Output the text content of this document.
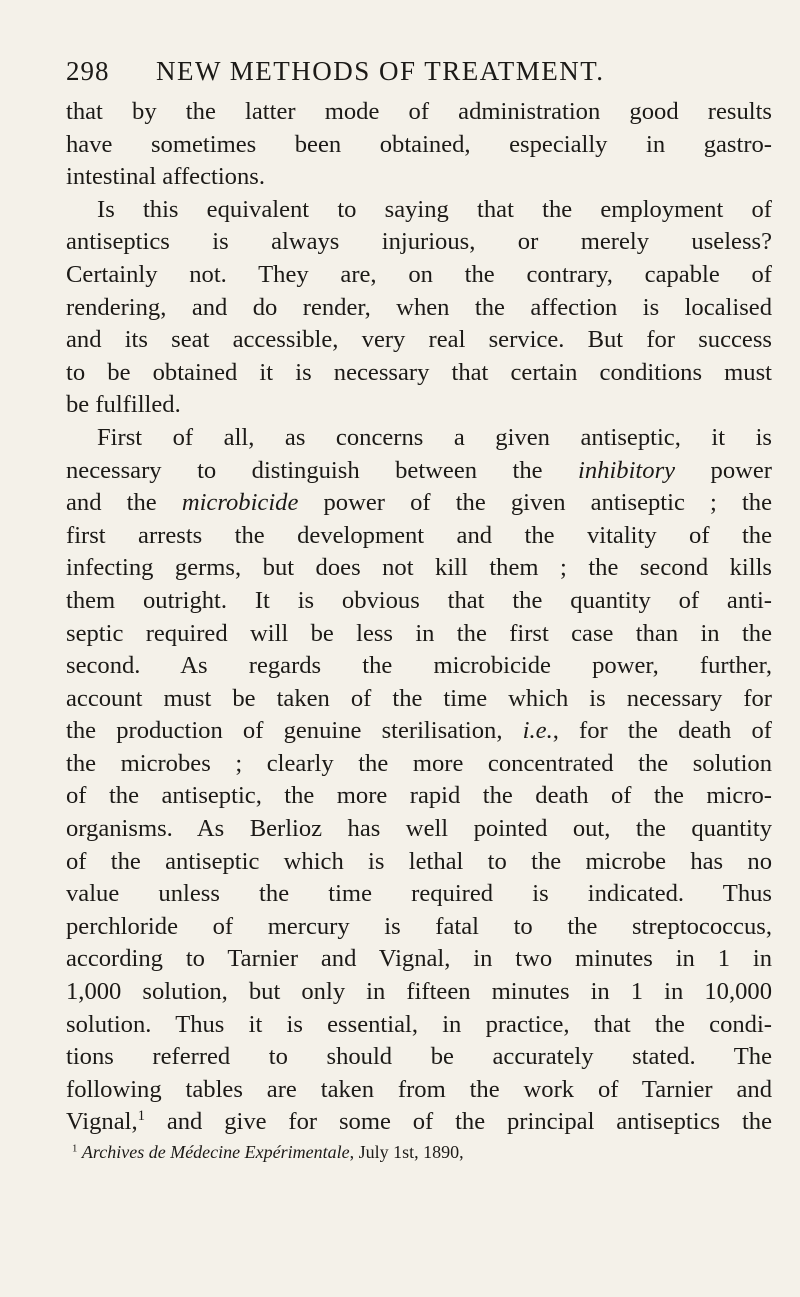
298 NEW METHODS OF TREATMENT.
that by the latter mode of administration good results
have sometimes been obtained, especially in gastro-
intestinal affections.
Is this equivalent to saying that the employment of
antiseptics is always injurious, or merely useless?
Certainly not. They are, on the contrary, capable of
rendering, and do render, when the affection is localised
and its seat accessible, very real service. But for success
to be obtained it is necessary that certain conditions must
be fulfilled.
First of all, as concerns a given antiseptic, it is
necessary to distinguish between the inhibitory power
and the microbicide power of the given antiseptic ; the
first arrests the development and the vitality of the
infecting germs, but does not kill them ; the second kills
them outright. It is obvious that the quantity of anti-
septic required will be less in the first case than in the
second. As regards the microbicide power, further,
account must be taken of the time which is necessary for
the production of genuine sterilisation, i.e., for the death of
the microbes ; clearly the more concentrated the solution
of the antiseptic, the more rapid the death of the micro-
organisms. As Berlioz has well pointed out, the quantity
of the antiseptic which is lethal to the microbe has no
value unless the time required is indicated. Thus
perchloride of mercury is fatal to the streptococcus,
according to Tarnier and Vignal, in two minutes in 1 in
1,000 solution, but only in fifteen minutes in 1 in 10,000
solution. Thus it is essential, in practice, that the condi-
tions referred to should be accurately stated. The
following tables are taken from the work of Tarnier and
Vignal,$^1$ and give for some of the principal antiseptics the
$^1$ Archives de Médecine Expérimentale, July 1st, 1890,
